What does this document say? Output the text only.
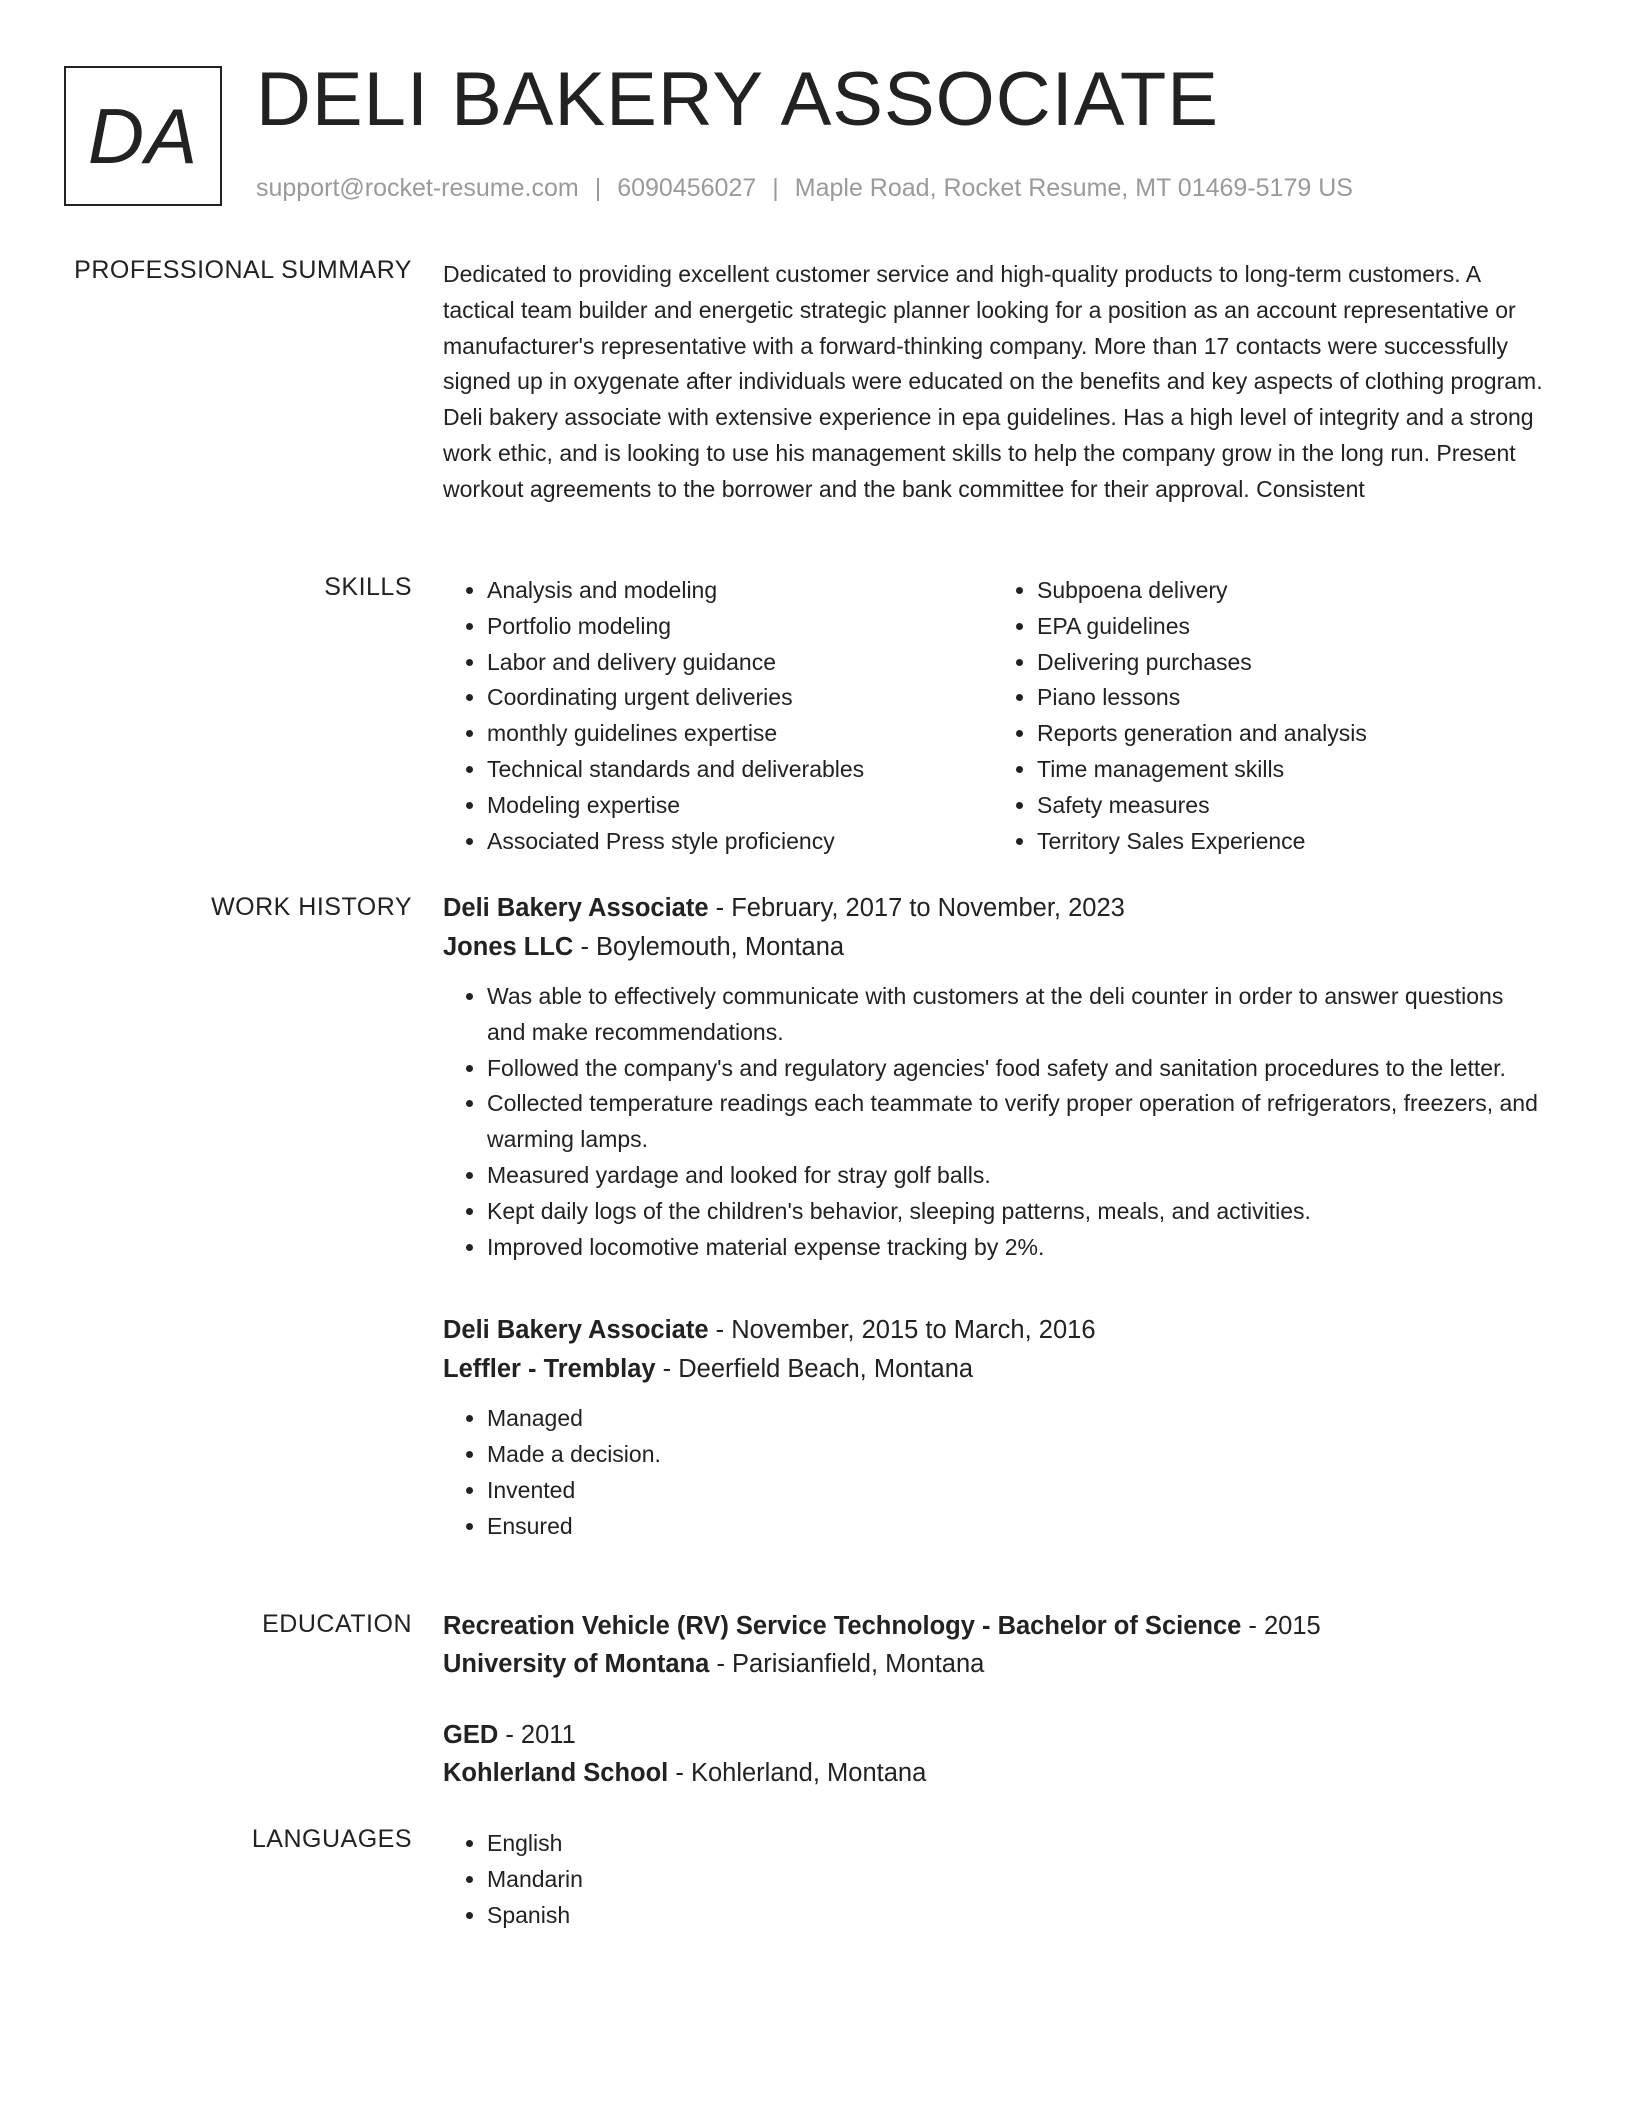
DA DELI BAKERY ASSOCIATE
support@rocket-resume.com | 6090456027 | Maple Road, Rocket Resume, MT 01469-5179 US
PROFESSIONAL SUMMARY Dedicated to providing excellent customer service and high-quality products to long-term customers. A tactical team builder and energetic strategic planner looking for a position as an account representative or manufacturer's representative with a forward-thinking company. More than 17 contacts were successfully signed up in oxygenate after individuals were educated on the benefits and key aspects of clothing program. Deli bakery associate with extensive experience in epa guidelines. Has a high level of integrity and a strong work ethic, and is looking to use his management skills to help the company grow in the long run. Present workout agreements to the borrower and the bank committee for their approval. Consistent
SKILLS	• Analysis and modeling
• Portfolio modeling
• Labor and delivery guidance
• Coordinating urgent deliveries
• monthly guidelines expertise
• Technical standards and deliverables
• Modeling expertise
• Associated Press style proficiency
• Subpoena delivery
• EPA guidelines
• Delivering purchases
• Piano lessons
• Reports generation and analysis
• Time management skills
• Safety measures
• Territory Sales Experience
WORK HISTORY Deli Bakery Associate - February, 2017 to November, 2023
Jones LLC - Boylemouth, Montana
• Was able to effectively communicate with customers at the deli counter in order to answer questions and make recommendations.
• Followed the company's and regulatory agencies' food safety and sanitation procedures to the letter.
• Collected temperature readings each teammate to verify proper operation of refrigerators, freezers, and warming lamps.
• Measured yardage and looked for stray golf balls.
• Kept daily logs of the children's behavior, sleeping patterns, meals, and activities.
• Improved locomotive material expense tracking by 2%.
Deli Bakery Associate - November, 2015 to March, 2016
Leffler - Tremblay - Deerfield Beach, Montana
• Managed
• Made a decision.
• Invented
• Ensured
EDUCATION Recreation Vehicle (RV) Service Technology - Bachelor of Science - 2015
University of Montana - Parisianfield, Montana
GED - 2011
Kohlerland School - Kohlerland, Montana
LANGUAGES	• English
• Mandarin
• Spanish
